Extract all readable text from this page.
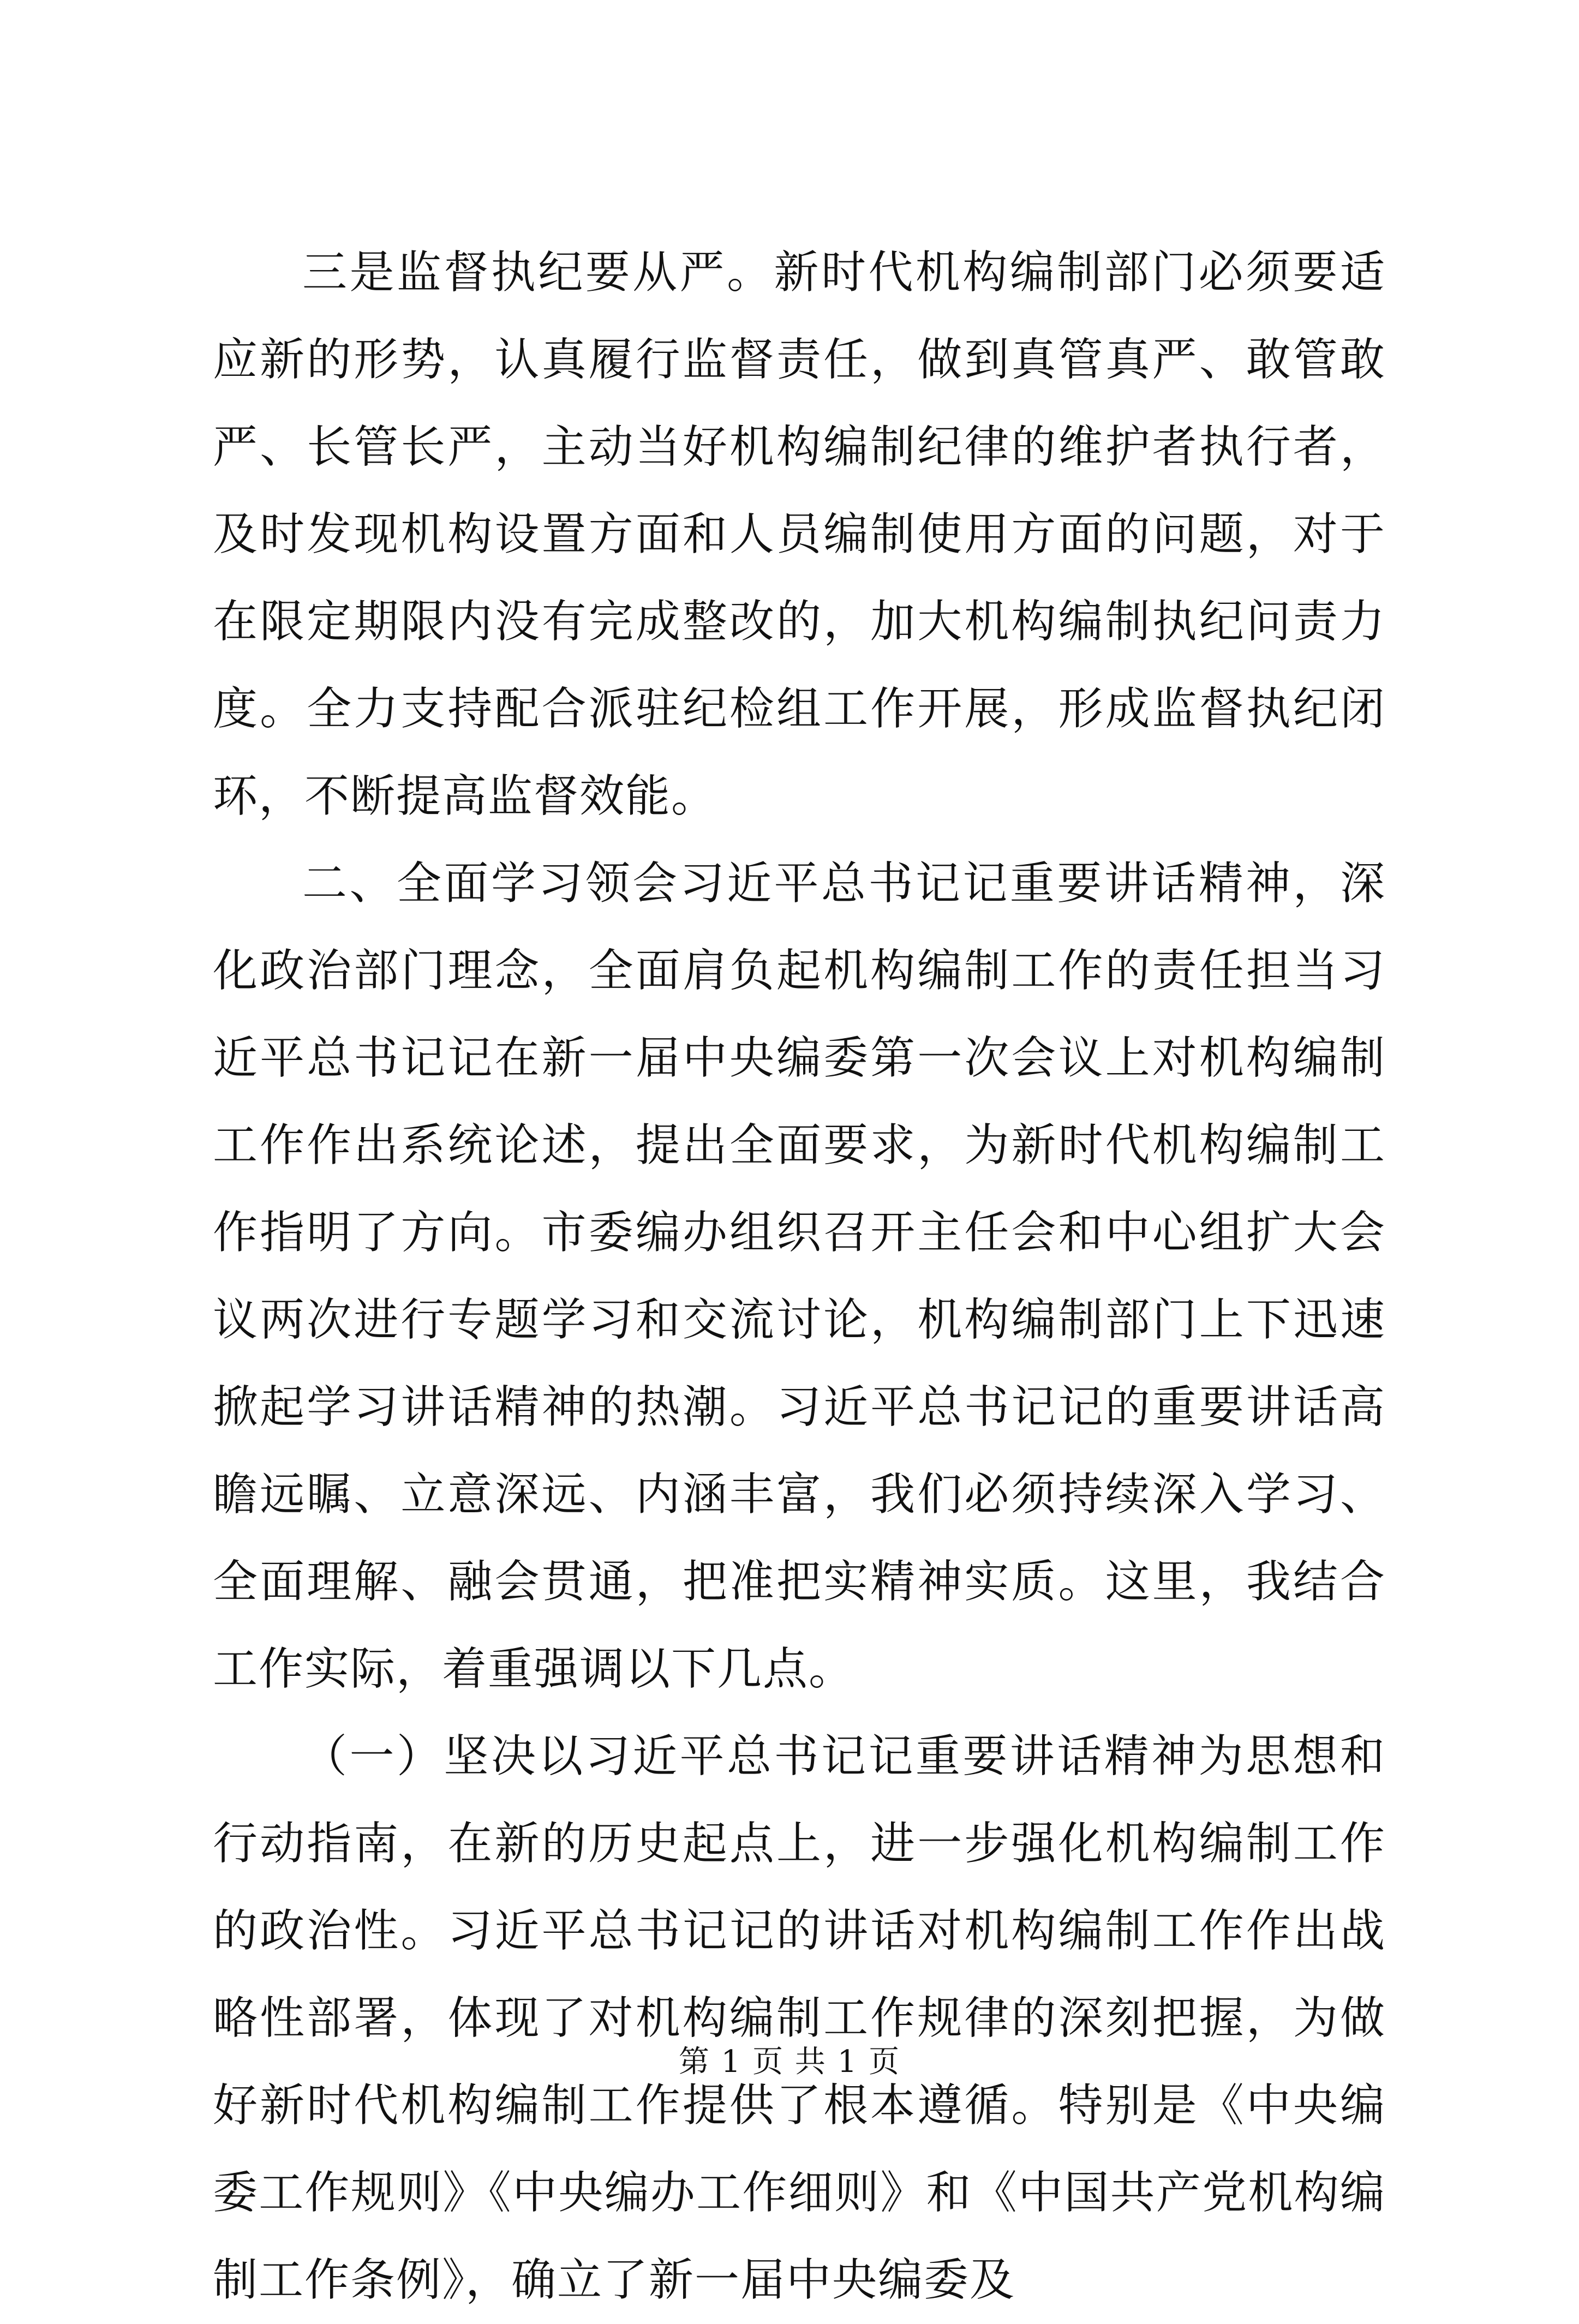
三是监督执纪要从严。新时代机构编制部门必须要适应新的形势，认真履行监督责任，做到真管真严、敢管敢严、长管长严，主动当好机构编制纪律的维护者执行者，及时发现机构设置方面和人员编制使用方面的问题，对于在限定期限内没有完成整改的，加大机构编制执纪问责力度。全力支持配合派驻纪检组工作开展，形成监督执纪闭环，不断提高监督效能。

二、全面学习领会习近平总书记记重要讲话精神，深化政治部门理念，全面肩负起机构编制工作的责任担当习近平总书记记在新一届中央编委第一次会议上对机构编制工作作出系统论述，提出全面要求，为新时代机构编制工作指明了方向。市委编办组织召开主任会和中心组扩大会议两次进行专题学习和交流讨论，机构编制部门上下迅速掀起学习讲话精神的热潮。习近平总书记记的重要讲话高瞻远瞩、立意深远、内涵丰富，我们必须持续深入学习、全面理解、融会贯通，把准把实精神实质。这里，我结合工作实际，着重强调以下几点。

（一）坚决以习近平总书记记重要讲话精神为思想和行动指南，在新的历史起点上，进一步强化机构编制工作的政治性。习近平总书记记的讲话对机构编制工作作出战略性部署，体现了对机构编制工作规律的深刻把握，为做好新时代机构编制工作提供了根本遵循。特别是《中央编委工作规则》《中央编办工作细则》和《中国共产党机构编制工作条例》，确立了新一届中央编委及

第 1 页 共 1 页
